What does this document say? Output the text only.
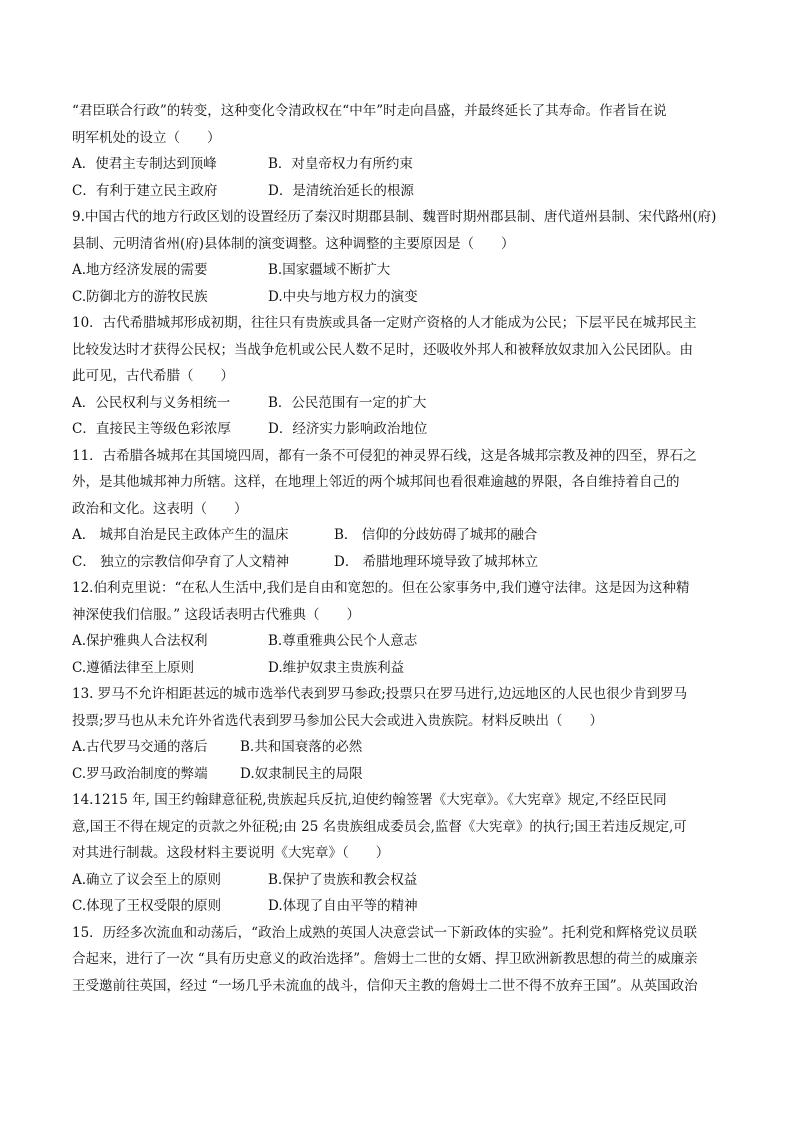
“君臣联合行政”的转变，这种变化令清政权在“中年”时走向昌盛，并最终延长了其寿命。作者旨在说
明军机处的设立（　　）

A．使君主专制达到顶峰	B．对皇帝权力有所约束
C．有利于建立民主政府	D．是清统治延长的根源

9.中国古代的地方行政区划的设置经历了秦汉时期郡县制、魏晋时期州郡县制、唐代道州县制、宋代路州(府)
县制、元明清省州(府)县体制的演变调整。这种调整的主要原因是（　　）

A.地方经济发展的需要	B.国家疆域不断扩大
C.防御北方的游牧民族	D.中央与地方权力的演变

10．古代希腊城邦形成初期，往往只有贵族或具备一定财产资格的人才能成为公民；下层平民在城邦民主
比较发达时才获得公民权；当战争危机或公民人数不足时，还吸收外邦人和被释放奴隶加入公民团队。由
此可见，古代希腊（　　）

A．公民权利与义务相统一	B．公民范围有一定的扩大
C．直接民主等级色彩浓厚	D．经济实力影响政治地位

11．古希腊各城邦在其国境四周，都有一条不可侵犯的神灵界石线，这是各城邦宗教及神的四至，界石之
外，是其他城邦神力所辖。这样，在地理上邻近的两个城邦间也看很难逾越的界限，各自维持着自己的
政治和文化。这表明（　　）

A． 城邦自治是民主政体产生的温床	B． 信仰的分歧妨碍了城邦的融合
C． 独立的宗教信仰孕育了人文精神	D． 希腊地理环境导致了城邦林立

12.伯利克里说：“在私人生活中,我们是自由和宽恕的。但在公家事务中,我们遵守法律。这是因为这种精
神深使我们信服。” 这段话表明古代雅典（　　）

A.保护雅典人合法权利	B.尊重雅典公民个人意志
C.遵循法律至上原则	D.维护奴隶主贵族利益

13. 罗马不允许相距甚远的城市选举代表到罗马参政;投票只在罗马进行,边远地区的人民也很少肯到罗马
投票;罗马也从未允许外省选代表到罗马参加公民大会或进入贵族院。材料反映出（　　）

A.古代罗马交通的落后	B.共和国衰落的必然
C.罗马政治制度的弊端	D.奴隶制民主的局限

14.1215 年, 国王约翰肆意征税,贵族起兵反抗,迫使约翰签署《大宪章》。《大宪章》规定,不经臣民同
意,国王不得在规定的贡款之外征税;由 25 名贵族组成委员会,监督《大宪章》的执行;国王若违反规定,可
对其进行制裁。这段材料主要说明《大宪章》（　　）

A.确立了议会至上的原则	B.保护了贵族和教会权益
C.体现了王权受限的原则	D.体现了自由平等的精神

15．历经多次流血和动荡后，“政治上成熟的英国人决意尝试一下新政体的实验”。托利党和辉格党议员联
合起来，进行了一次 “具有历史意义的政治选择”。詹姆士二世的女婿、捍卫欧洲新教思想的荷兰的威廉亲
王受邀前往英国，经过 “一场几乎未流血的战斗，信仰天主教的詹姆士二世不得不放弃王国”。从英国政治
